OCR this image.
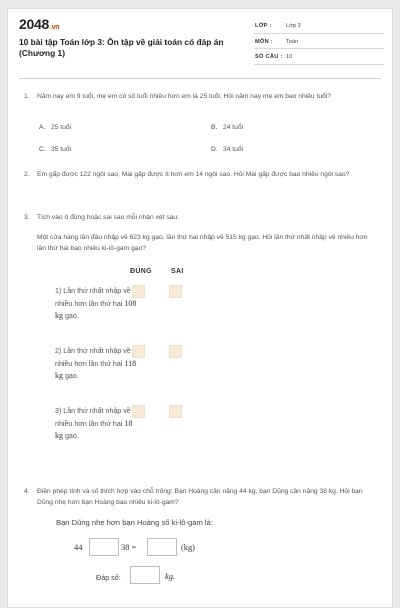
2048.vn
10 bài tập Toán lớp 3: Ôn tập về giải toán có đáp án (Chương 1)
LỚP :	Lớp 3
MÔN : Toán
SỐ CÂU : 10
1. Năm nay em 9 tuổi, mẹ em có số tuổi nhiều hơn em là 25 tuổi. Hỏi năm nay mẹ em bao nhiêu tuổi?
A. 25 tuổi	B. 24 tuổi
C. 35 tuổi	D. 34 tuổi
2. Em gấp được 122 ngôi sao, Mai gấp được ít hơn em 14 ngôi sao. Hỏi Mai gấp được bao nhiêu ngôi sao?
3. Tích vào ô đúng hoặc sai sau mỗi nhận xét sau:
Một cửa hàng lần đầu nhập về 623 kg gạo, lần thứ hai nhập về 515 kg gạo. Hỏi lần thứ nhất nhập về nhiều hơn lần thứ hai bao nhiêu ki-lô-gam gạo?
ĐÚNG	SAI
1) Lần thứ nhất nhập về nhiều hơn lần thứ hai 108 kg gạo.
2) Lần thứ nhất nhập về nhiều hơn lần thứ hai 118 kg gạo.
3) Lần thứ nhất nhập về nhiều hơn lần thứ hai 18 kg gạo.
4. Điền phép tính và số thích hợp vào chỗ trống: Bạn Hoàng cân nặng 44 kg, bạn Dũng cân nặng 38 kg. Hỏi bạn Dũng nhẹ hơn bạn Hoàng bao nhiêu ki-lô-gam?
Bạn Dũng nhẹ hơn bạn Hoàng số ki-lô-gam là:
44	38 =	(kg)
Đáp số:	kg.
